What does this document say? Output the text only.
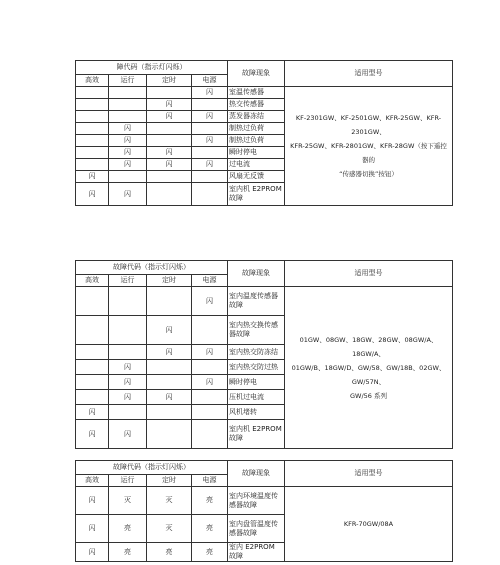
障代码（指示灯闪烁）				故障现象	适用型号
高效	运行	定时	电源		
			闪	室温传感器	KF-2301GW、KF-2501GW、KFR-25GW、KFR-2301GW、
KFR-25GW、KFR-2801GW、KFR-28GW（按下遥控器的
“传感器切换”按钮）

		闪		热交传感器	
		闪	闪	蒸发器冻结	
	闪			制热过负荷	
	闪		闪	制热过负荷	
	闪	闪		瞬时停电	
	闪	闪	闪	过电流	
闪				风扇无反馈	
闪	闪			室内机 E2PROM 故障	
故障代码（指示灯闪烁）				故障现象	适用型号
高效	运行	定时	电源		
			闪	室内温度传感器故障	01GW、08GW、18GW、28GW、08GW/A、18GW/A、
01GW/B、18GW/D、GW/58、GW/18B、02GW、GW/57N、
GW/56 系列

		闪		室内热交换传感器故障	
		闪	闪	室内热交防冻结	
	闪			室内热交防过热	
	闪		闪	瞬时停电	
	闪	闪		压机过电流	
闪				风机堵转	
闪	闪			室内机 E2PROM 故障	
故障代码（指示灯闪烁）				故障现象	适用型号
高效	运行	定时	电源		
闪	灭	灭	亮	室内环境温度传感器故障	KFR-70GW/08A

闪	亮	灭	亮	室内盘管温度传感器故障	
闪	亮	亮	亮	室内 E2PROM 故障	
